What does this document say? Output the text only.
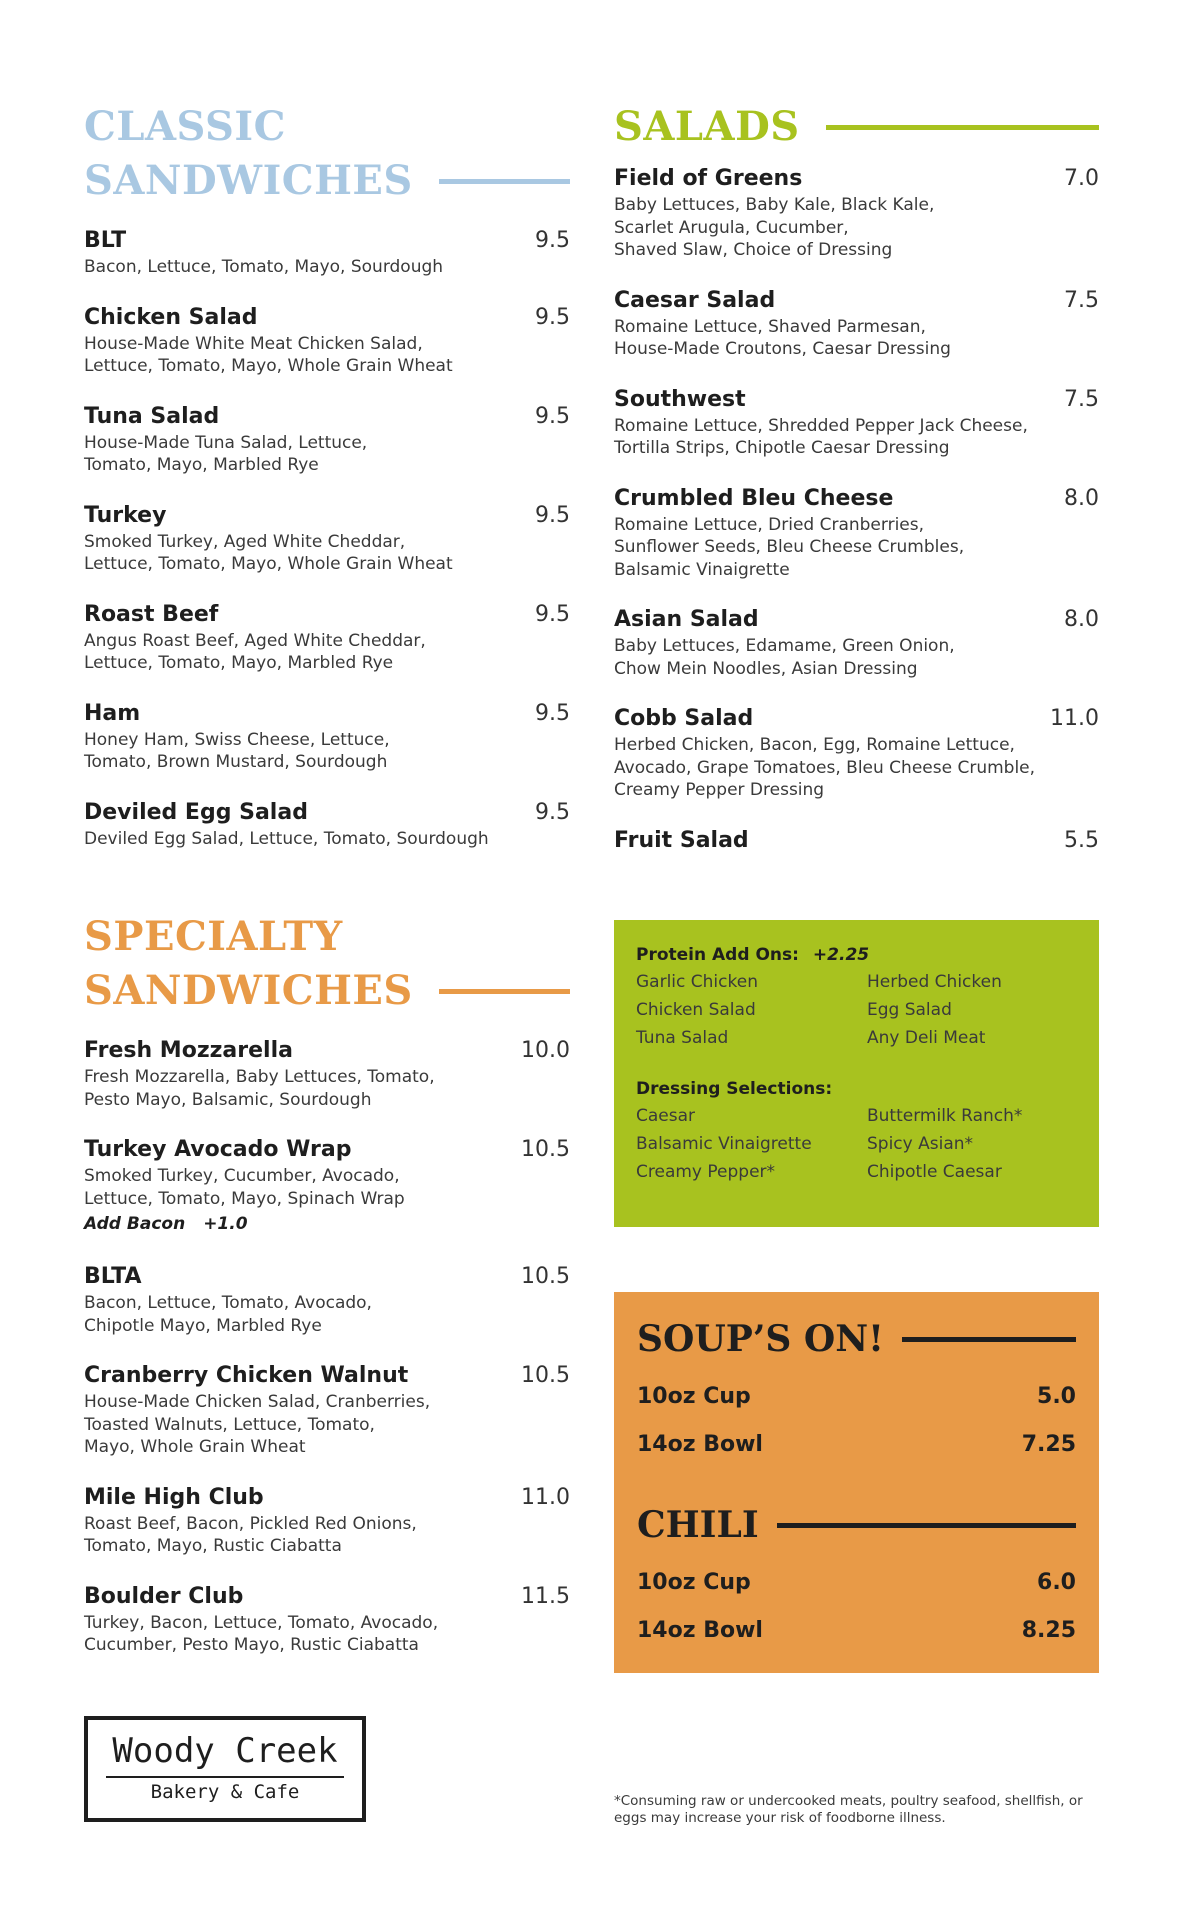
CLASSIC
SANDWICHES
BLT	9.5
Bacon, Lettuce, Tomato, Mayo, Sourdough
Chicken Salad	9.5
House-Made White Meat Chicken Salad,
Lettuce, Tomato, Mayo, Whole Grain Wheat
Tuna Salad	9.5
House-Made Tuna Salad, Lettuce,
Tomato, Mayo, Marbled Rye
Turkey	9.5
Smoked Turkey, Aged White Cheddar,
Lettuce, Tomato, Mayo, Whole Grain Wheat
Roast Beef	9.5
Angus Roast Beef, Aged White Cheddar,
Lettuce, Tomato, Mayo, Marbled Rye
Ham	9.5
Honey Ham, Swiss Cheese, Lettuce,
Tomato, Brown Mustard, Sourdough
Deviled Egg Salad	9.5
Deviled Egg Salad, Lettuce, Tomato, Sourdough
SPECIALTY
SANDWICHES
Fresh Mozzarella	10.0
Fresh Mozzarella, Baby Lettuces, Tomato,
Pesto Mayo, Balsamic, Sourdough
Turkey Avocado Wrap	10.5
Smoked Turkey, Cucumber, Avocado,
Lettuce, Tomato, Mayo, Spinach Wrap
Add Bacon +1.0
BLTA	10.5
Bacon, Lettuce, Tomato, Avocado,
Chipotle Mayo, Marbled Rye
Cranberry Chicken Walnut	10.5
House-Made Chicken Salad, Cranberries,
Toasted Walnuts, Lettuce, Tomato,
Mayo, Whole Grain Wheat
Mile High Club	11.0
Roast Beef, Bacon, Pickled Red Onions,
Tomato, Mayo, Rustic Ciabatta
Boulder Club	11.5
Turkey, Bacon, Lettuce, Tomato, Avocado,
Cucumber, Pesto Mayo, Rustic Ciabatta
SALADS
Field of Greens	7.0
Baby Lettuces, Baby Kale, Black Kale,
Scarlet Arugula, Cucumber,
Shaved Slaw, Choice of Dressing
Caesar Salad	7.5
Romaine Lettuce, Shaved Parmesan,
House-Made Croutons, Caesar Dressing
Southwest	7.5
Romaine Lettuce, Shredded Pepper Jack Cheese,
Tortilla Strips, Chipotle Caesar Dressing
Crumbled Bleu Cheese	8.0
Romaine Lettuce, Dried Cranberries,
Sunflower Seeds, Bleu Cheese Crumbles,
Balsamic Vinaigrette
Asian Salad	8.0
Baby Lettuces, Edamame, Green Onion,
Chow Mein Noodles, Asian Dressing
Cobb Salad	11.0
Herbed Chicken, Bacon, Egg, Romaine Lettuce,
Avocado, Grape Tomatoes, Bleu Cheese Crumble,
Creamy Pepper Dressing
Fruit Salad	5.5
Protein Add Ons: +2.25
Garlic Chicken	Herbed Chicken
Chicken Salad	Egg Salad
Tuna Salad	Any Deli Meat
Dressing Selections:
Caesar	Buttermilk Ranch*
Balsamic Vinaigrette	Spicy Asian*
Creamy Pepper*	Chipotle Caesar
SOUP’S ON!
10oz Cup	5.0
14oz Bowl	7.25
CHILI
10oz Cup	6.0
14oz Bowl	8.25
Woody Creek
Bakery & Cafe	*Consuming raw or undercooked meats, poultry seafood, shellfish, or eggs may increase your risk of foodborne illness.
